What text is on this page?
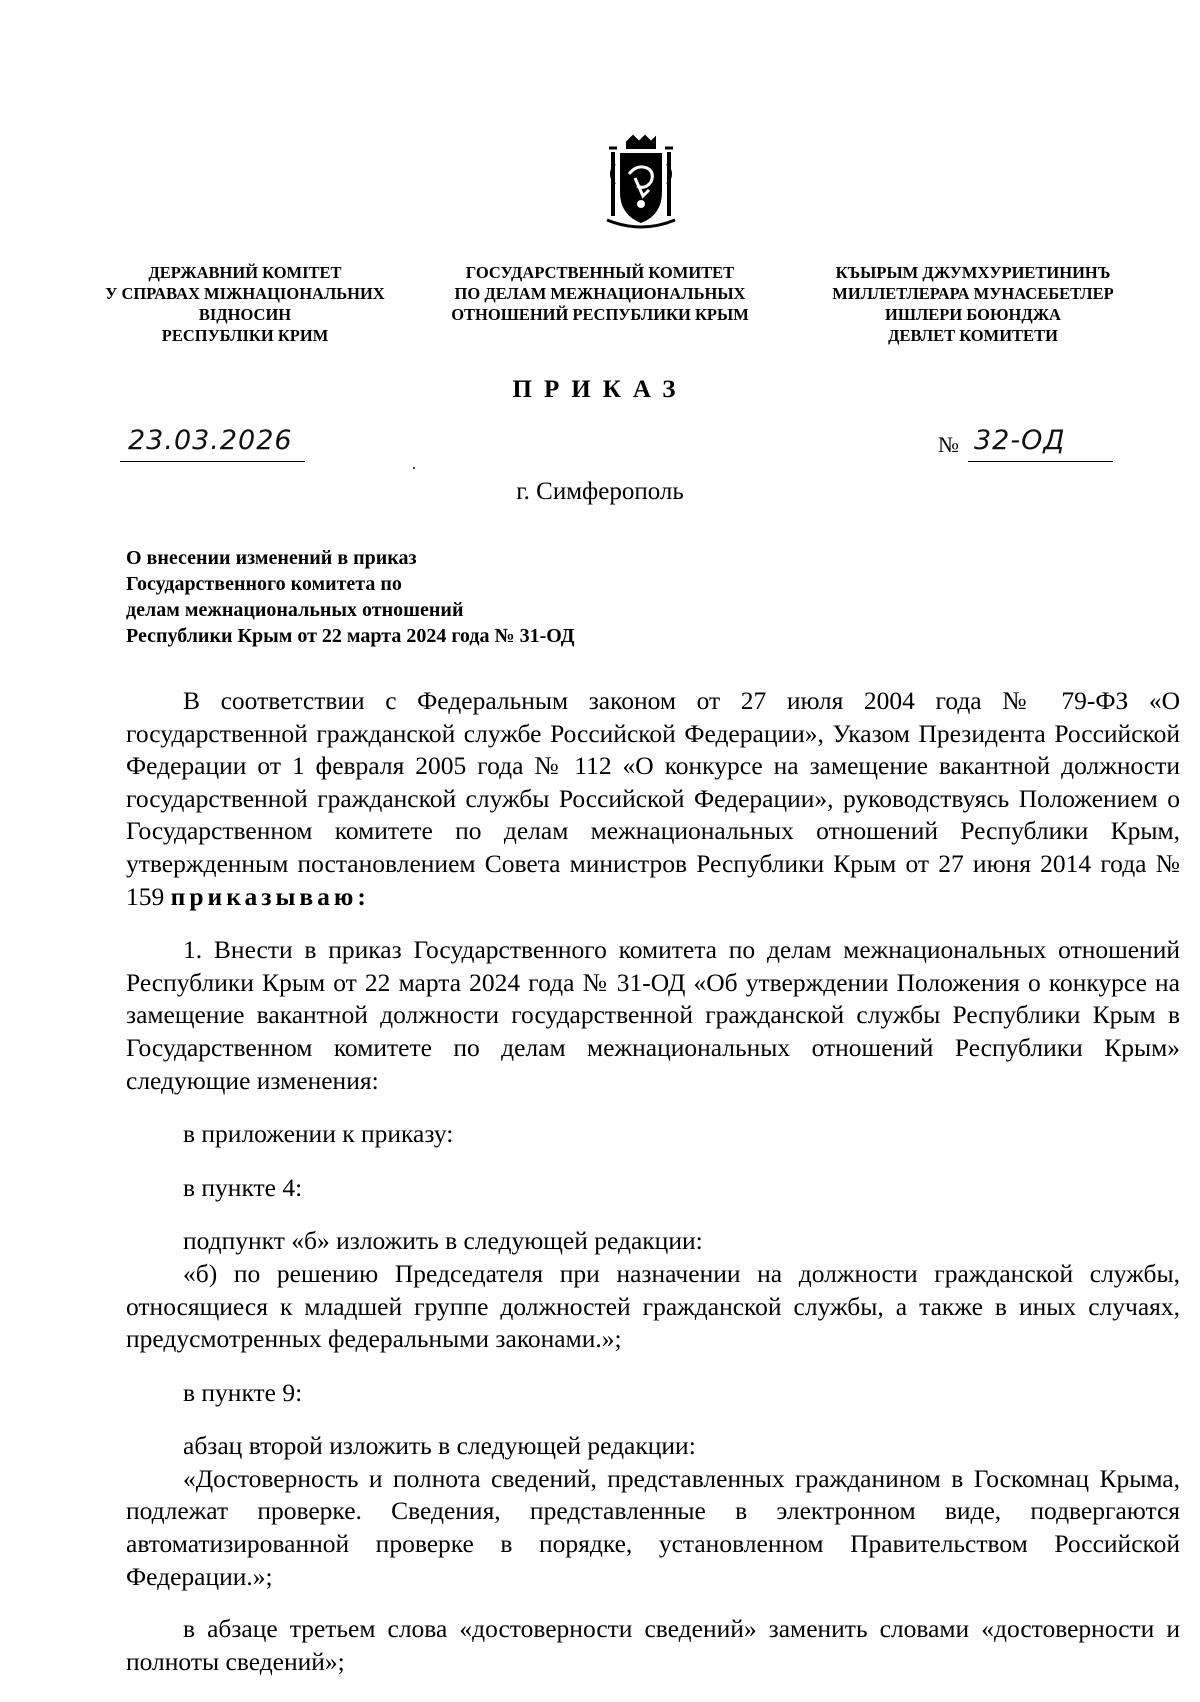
ДЕРЖАВНИЙ КОМІТЕТ
У СПРАВАХ МІЖНАЦІОНАЛЬНИХ
ВІДНОСИН
РЕСПУБЛІКИ КРИМ
ГОСУДАРСТВЕННЫЙ КОМИТЕТ
ПО ДЕЛАМ МЕЖНАЦИОНАЛЬНЫХ
ОТНОШЕНИЙ РЕСПУБЛИКИ КРЫМ
КЪЫРЫМ ДЖУМХУРИЕТИНИНЪ
МИЛЛЕТЛЕРАРА МУНАСЕБЕТЛЕР
ИШЛЕРИ БОЮНДЖА
ДЕВЛЕТ КОМИТЕТИ
ПРИКАЗ
23.03.2026	№ 32-ОД
г. Симферополь
О внесении изменений в приказ
Государственного комитета по
делам межнациональных отношений
Республики Крым от 22 марта 2024 года № 31-ОД

В соответствии с Федеральным законом от 27 июля 2004 года № 79-ФЗ «О государственной гражданской службе Российской Федерации», Указом Президента Российской Федерации от 1 февраля 2005 года № 112 «О конкурсе на замещение вакантной должности государственной гражданской службы Российской Федерации», руководствуясь Положением о Государственном комитете по делам межнациональных отношений Республики Крым, утвержденным постановлением Совета министров Республики Крым от 27 июня 2014 года № 159 приказываю:

1. Внести в приказ Государственного комитета по делам межнациональных отношений Республики Крым от 22 марта 2024 года № 31-ОД «Об утверждении Положения о конкурсе на замещение вакантной должности государственной гражданской службы Республики Крым в Государственном комитете по делам межнациональных отношений Республики Крым» следующие изменения:

в приложении к приказу:

в пункте 4:

подпункт «б» изложить в следующей редакции:

«б) по решению Председателя при назначении на должности гражданской службы, относящиеся к младшей группе должностей гражданской службы, а также в иных случаях, предусмотренных федеральными законами.»;

в пункте 9:

абзац второй изложить в следующей редакции:

«Достоверность и полнота сведений, представленных гражданином в Госкомнац Крыма, подлежат проверке. Сведения, представленные в электронном виде, подвергаются автоматизированной проверке в порядке, установленном Правительством Российской Федерации.»;

в абзаце третьем слова «достоверности сведений» заменить словами «достоверности и полноты сведений»;
